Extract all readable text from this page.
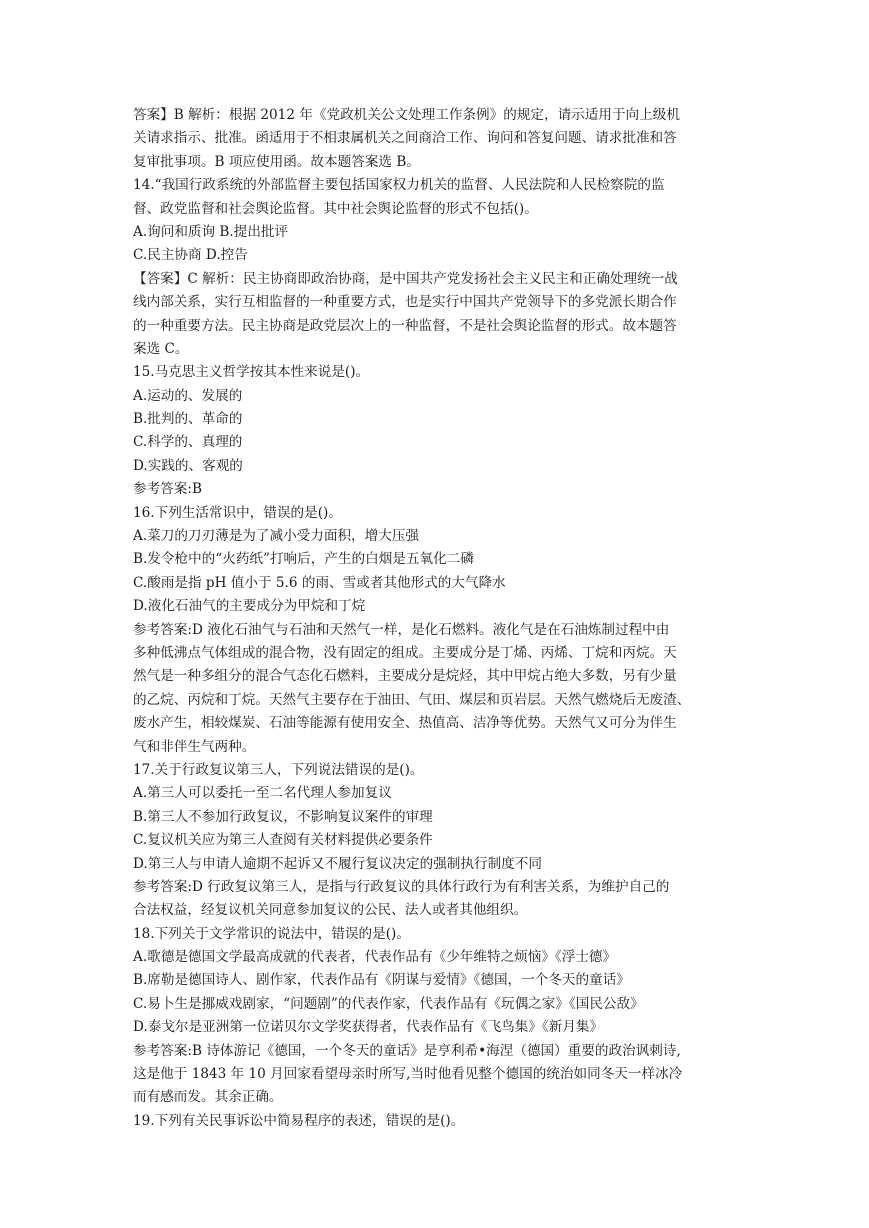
答案】B 解析：根据 2012 年《党政机关公文处理工作条例》的规定，请示适用于向上级机
关请求指示、批准。函适用于不相隶属机关之间商洽工作、询问和答复问题、请求批准和答
复审批事项。B 项应使用函。故本题答案选 B。
14.“我国行政系统的外部监督主要包括国家权力机关的监督、人民法院和人民检察院的监
督、政党监督和社会舆论监督。其中社会舆论监督的形式不包括()。
A.询问和质询 B.提出批评
C.民主协商 D.控告
【答案】C 解析：民主协商即政治协商，是中国共产党发扬社会主义民主和正确处理统一战
线内部关系，实行互相监督的一种重要方式，也是实行中国共产党领导下的多党派长期合作
的一种重要方法。民主协商是政党层次上的一种监督，不是社会舆论监督的形式。故本题答
案选 C。
15.马克思主义哲学按其本性来说是()。
A.运动的、发展的
B.批判的、革命的
C.科学的、真理的
D.实践的、客观的
参考答案:B
16.下列生活常识中，错误的是()。
A.菜刀的刀刃薄是为了减小受力面积，增大压强
B.发令枪中的“火药纸”打响后，产生的白烟是五氧化二磷
C.酸雨是指 pH 值小于 5.6 的雨、雪或者其他形式的大气降水
D.液化石油气的主要成分为甲烷和丁烷
参考答案:D 液化石油气与石油和天然气一样，是化石燃料。液化气是在石油炼制过程中由
多种低沸点气体组成的混合物，没有固定的组成。主要成分是丁烯、丙烯、丁烷和丙烷。天
然气是一种多组分的混合气态化石燃料，主要成分是烷烃，其中甲烷占绝大多数，另有少量
的乙烷、丙烷和丁烷。天然气主要存在于油田、气田、煤层和页岩层。天然气燃烧后无废渣、
废水产生，相较煤炭、石油等能源有使用安全、热值高、洁净等优势。天然气又可分为伴生
气和非伴生气两种。
17.关于行政复议第三人，下列说法错误的是()。
A.第三人可以委托一至二名代理人参加复议
B.第三人不参加行政复议，不影响复议案件的审理
C.复议机关应为第三人查阅有关材料提供必要条件
D.第三人与申请人逾期不起诉又不履行复议决定的强制执行制度不同
参考答案:D 行政复议第三人，是指与行政复议的具体行政行为有利害关系，为维护自己的
合法权益，经复议机关同意参加复议的公民、法人或者其他组织。
18.下列关于文学常识的说法中，错误的是()。
A.歌德是德国文学最高成就的代表者，代表作品有《少年维特之烦恼》《浮士德》
B.席勒是德国诗人、剧作家，代表作品有《阴谋与爱情》《德国，一个冬天的童话》
C.易卜生是挪威戏剧家，“问题剧”的代表作家，代表作品有《玩偶之家》《国民公敌》
D.泰戈尔是亚洲第一位诺贝尔文学奖获得者，代表作品有《飞鸟集》《新月集》
参考答案:B 诗体游记《德国，一个冬天的童话》是亨利希•海涅（德国）重要的政治讽刺诗,
这是他于 1843 年 10 月回家看望母亲时所写,当时他看见整个德国的统治如同冬天一样冰冷
而有感而发。其余正确。
19.下列有关民事诉讼中简易程序的表述，错误的是()。
